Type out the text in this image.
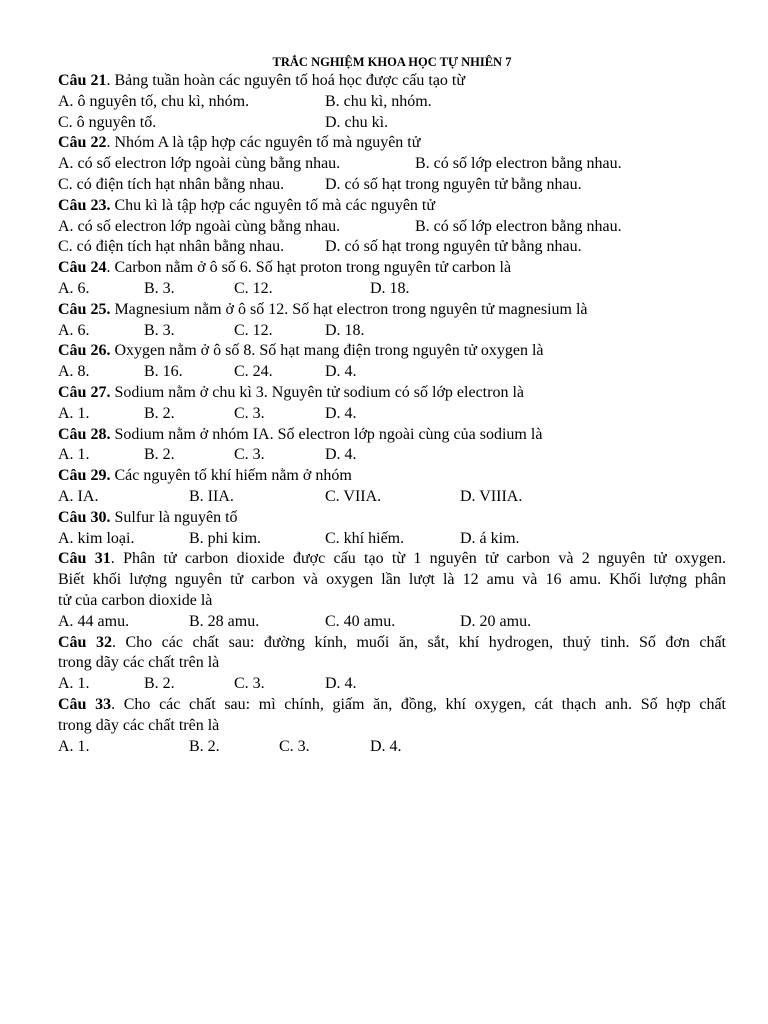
TRẮC NGHIỆM KHOA HỌC TỰ NHIÊN 7
Câu 21. Bảng tuần hoàn các nguyên tố hoá học được cấu tạo từ
A. ô nguyên tố, chu kì, nhóm.	B. chu kì, nhóm.
C. ô nguyên tố.	D. chu kì.
Câu 22. Nhóm A là tập hợp các nguyên tố mà nguyên tử
A. có số electron lớp ngoài cùng bằng nhau.	B. có số lớp electron bằng nhau.
C. có điện tích hạt nhân bằng nhau.	D. có số hạt trong nguyên tử bằng nhau.
Câu 23. Chu kì là tập hợp các nguyên tố mà các nguyên tử
A. có số electron lớp ngoài cùng bằng nhau.	B. có số lớp electron bằng nhau.
C. có điện tích hạt nhân bằng nhau.	D. có số hạt trong nguyên tử bằng nhau.
Câu 24. Carbon nằm ở ô số 6. Số hạt proton trong nguyên tử carbon là
A. 6.	B. 3.	C. 12.	D. 18.
Câu 25. Magnesium nằm ở ô số 12. Số hạt electron trong nguyên tử magnesium là
A. 6.	B. 3.	C. 12.	D. 18.
Câu 26. Oxygen nằm ở ô số 8. Số hạt mang điện trong nguyên tử oxygen là
A. 8.	B. 16.	C. 24.	D. 4.
Câu 27. Sodium nằm ở chu kì 3. Nguyên tử sodium có số lớp electron là
A. 1.	B. 2.	C. 3.	D. 4.
Câu 28. Sodium nằm ở nhóm IA. Số electron lớp ngoài cùng của sodium là
A. 1.	B. 2.	C. 3.	D. 4.
Câu 29. Các nguyên tố khí hiếm nằm ở nhóm
A. IA.	B. IIA.	C. VIIA.	D. VIIIA.
Câu 30. Sulfur là nguyên tố
A. kim loại.	B. phi kim.	C. khí hiếm.	D. á kim.
Câu 31. Phân tử carbon dioxide được cấu tạo từ 1 nguyên tử carbon và 2 nguyên tử oxygen.
Biết khối lượng nguyên tử carbon và oxygen lần lượt là 12 amu và 16 amu. Khối lượng phân
tử của carbon dioxide là
A. 44 amu.	B. 28 amu.	C. 40 amu.	D. 20 amu.
Câu 32. Cho các chất sau: đường kính, muối ăn, sắt, khí hydrogen, thuỷ tinh. Số đơn chất
trong dãy các chất trên là
A. 1.	B. 2.	C. 3.	D. 4.
Câu 33. Cho các chất sau: mì chính, giấm ăn, đồng, khí oxygen, cát thạch anh. Số hợp chất
trong dãy các chất trên là
A. 1.	B. 2.	C. 3.	D. 4.
